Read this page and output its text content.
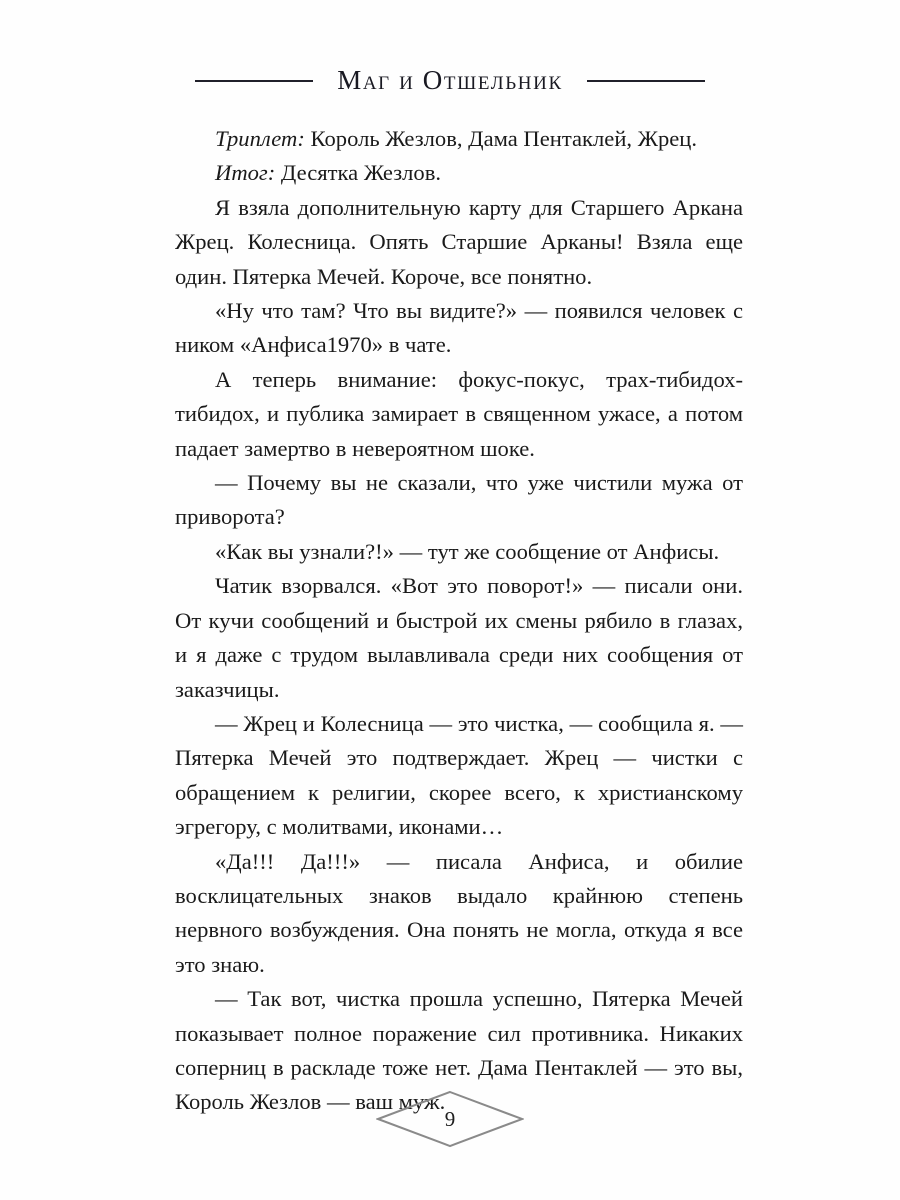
Маг и Отшельник

Триплет: Король Жезлов, Дама Пентаклей, Жрец.

Итог: Десятка Жезлов.

Я взяла дополнительную карту для Старшего Аркана Жрец. Колесница. Опять Старшие Арканы! Взяла еще один. Пятерка Мечей. Короче, все понятно.

«Ну что там? Что вы видите?» — появился человек с ником «Анфиса1970» в чате.

А теперь внимание: фокус-покус, трах-тибидох-тибидох, и публика замирает в священном ужасе, а потом падает замертво в невероятном шоке.

— Почему вы не сказали, что уже чистили мужа от приворота?

«Как вы узнали?!» — тут же сообщение от Анфисы.

Чатик взорвался. «Вот это поворот!» — писали они. От кучи сообщений и быстрой их смены рябило в глазах, и я даже с трудом вылавливала среди них сообщения от заказчицы.

— Жрец и Колесница — это чистка, — сообщила я. — Пятерка Мечей это подтверждает. Жрец — чистки с обращением к религии, скорее всего, к христианскому эгрегору, с молитвами, иконами…

«Да!!! Да!!!» — писала Анфиса, и обилие восклицательных знаков выдало крайнюю степень нервного возбуждения. Она понять не могла, откуда я все это знаю.

— Так вот, чистка прошла успешно, Пятерка Мечей показывает полное поражение сил противника. Никаких соперниц в раскладе тоже нет. Дама Пентаклей — это вы, Король Жезлов — ваш муж.

9
